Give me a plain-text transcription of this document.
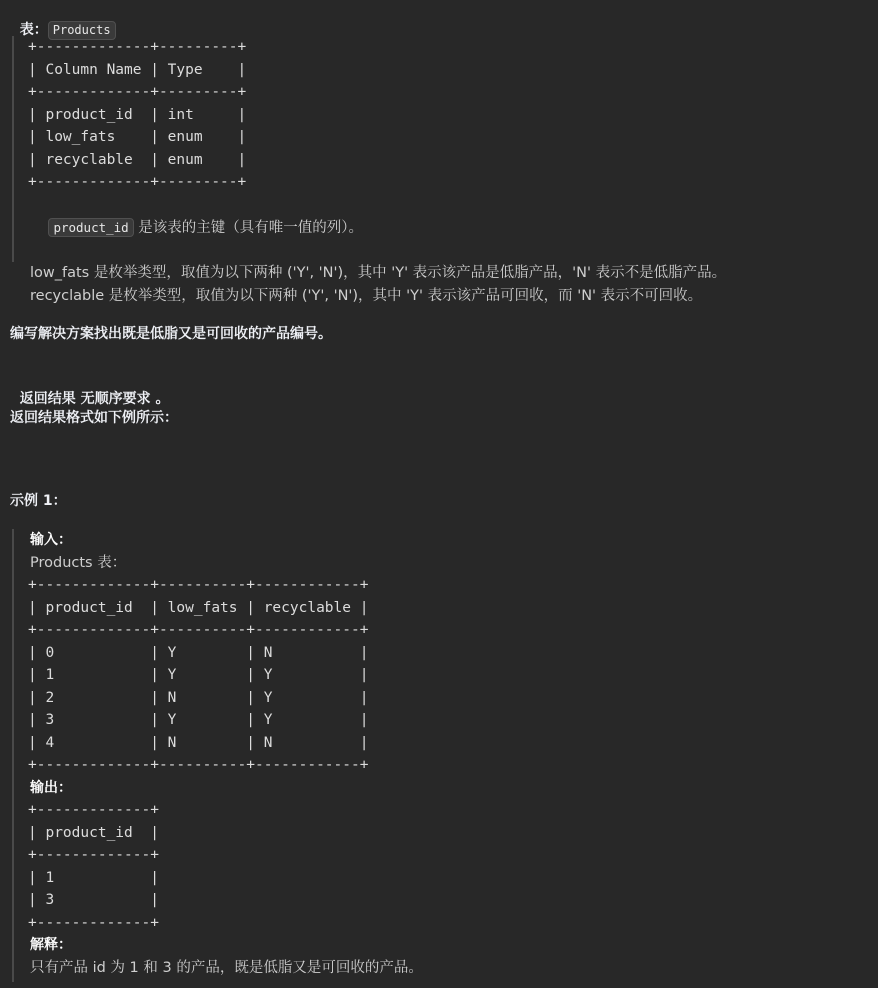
表： Products

+-------------+---------+
| Column Name | Type    |
+-------------+---------+
| product_id  | int     |
| low_fats    | enum    |
| recyclable  | enum    |
+-------------+---------+

product_id 是该表的主键（具有唯一值的列）。

low_fats 是枚举类型，取值为以下两种 ('Y', 'N')，其中 'Y' 表示该产品是低脂产品，'N' 表示不是低脂产品。
recyclable 是枚举类型，取值为以下两种 ('Y', 'N')，其中 'Y' 表示该产品可回收，而 'N' 表示不可回收。

编写解决方案找出既是低脂又是可回收的产品编号。

返回结果 无顺序要求 。

返回结果格式如下例所示：

示例 1：

输入：
Products 表：
+-------------+----------+------------+
| product_id  | low_fats | recyclable |
+-------------+----------+------------+
| 0           | Y        | N          |
| 1           | Y        | Y          |
| 2           | N        | Y          |
| 3           | Y        | Y          |
| 4           | N        | N          |
+-------------+----------+------------+
输出：
+-------------+
| product_id  |
+-------------+
| 1           |
| 3           |
+-------------+
解释：
只有产品 id 为 1 和 3 的产品，既是低脂又是可回收的产品。
